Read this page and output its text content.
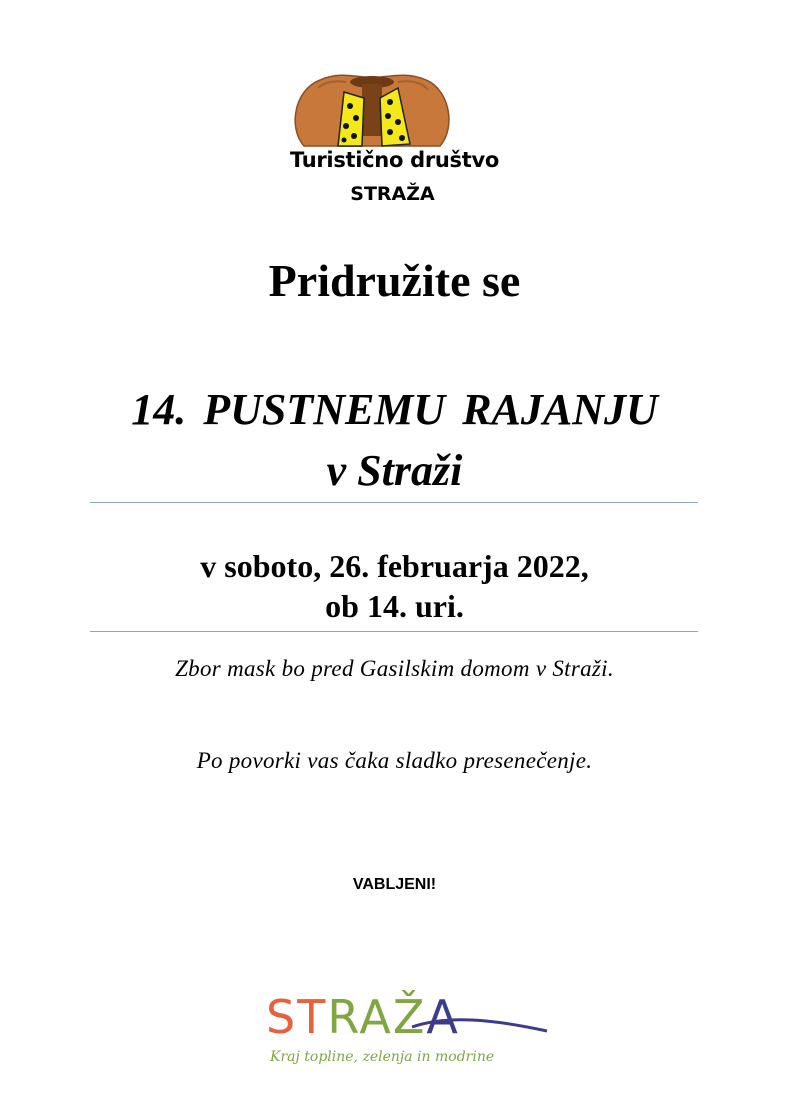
Turistično društvo
STRAŽA
Pridružite se
14. PUSTNEMU RAJANJU
v Straži
v soboto, 26. februarja 2022,
ob 14. uri.
Zbor mask bo pred Gasilskim domom v Straži.
Po povorki vas čaka sladko presenečenje.
VABLJENI!
STRAŽA
Kraj topline, zelenja in modrine
